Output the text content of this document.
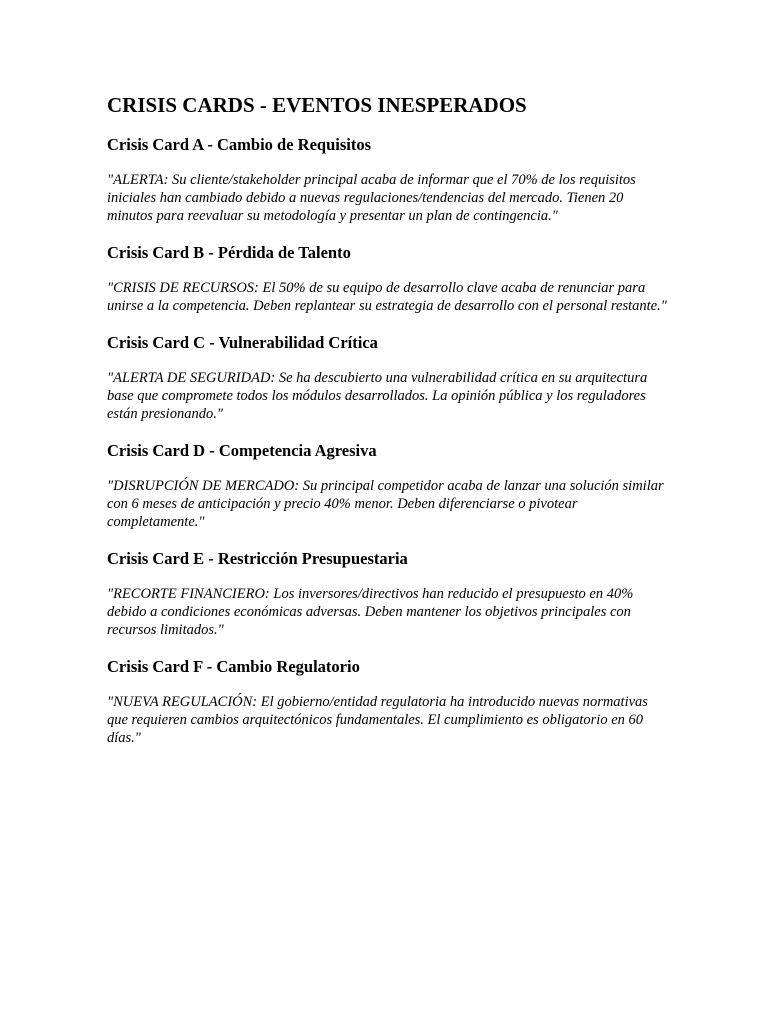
CRISIS CARDS - EVENTOS INESPERADOS
Crisis Card A - Cambio de Requisitos

"ALERTA: Su cliente/stakeholder principal acaba de informar que el 70% de los requisitos iniciales han cambiado debido a nuevas regulaciones/tendencias del mercado. Tienen 20 minutos para reevaluar su metodología y presentar un plan de contingencia."

Crisis Card B - Pérdida de Talento

"CRISIS DE RECURSOS: El 50% de su equipo de desarrollo clave acaba de renunciar para unirse a la competencia. Deben replantear su estrategia de desarrollo con el personal restante."

Crisis Card C - Vulnerabilidad Crítica

"ALERTA DE SEGURIDAD: Se ha descubierto una vulnerabilidad crítica en su arquitectura base que compromete todos los módulos desarrollados. La opinión pública y los reguladores están presionando."

Crisis Card D - Competencia Agresiva

"DISRUPCIÓN DE MERCADO: Su principal competidor acaba de lanzar una solución similar con 6 meses de anticipación y precio 40% menor. Deben diferenciarse o pivotear completamente."

Crisis Card E - Restricción Presupuestaria

"RECORTE FINANCIERO: Los inversores/directivos han reducido el presupuesto en 40% debido a condiciones económicas adversas. Deben mantener los objetivos principales con recursos limitados."

Crisis Card F - Cambio Regulatorio

"NUEVA REGULACIÓN: El gobierno/entidad regulatoria ha introducido nuevas normativas que requieren cambios arquitectónicos fundamentales. El cumplimiento es obligatorio en 60 días."
